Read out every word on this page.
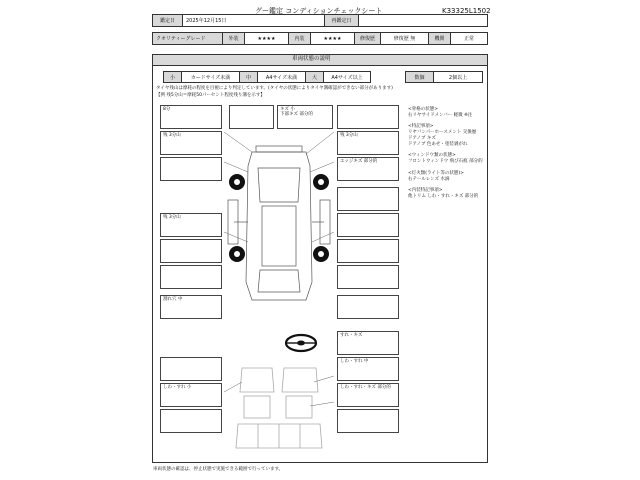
グー鑑定 コンディションチェックシート	K33325L1502
鑑定日	2025年12月15日	再鑑定日
クオリティーグレード	外装	★★★★	内装	★★★★	修復歴	修復歴 無	機関	正常
車両状態の説明
小	カードサイズ未満	中	A4サイズ未満	大	A4サイズ以上	数個	2個以上
タイヤ残山は摩耗の程度を目視により判定しています。(タイヤの状態によりタイヤ溝確認ができない部分があります)
【例 残5分山＝摩耗50パーセント程度残り溝を示す】
8分
残 3分山
残 3分山
割れ穴 中
しわ・すれ 小
キズ 小
下部キズ 部分的
残 3分山
エッジキズ 部分的
すれ・キズ
しわ・すれ 中
しわ・すれ・キズ 部分的
<骨格の状態>
右リヤサイドメンバー 軽微 ※注
<特記事項>
リヤバンパーホースメント 交換歴
ドアノブ キズ
ドアノブ 色あせ・塗装剥がれ
<ウィンドウ類の状態>
フロントウィンドウ 飛び石痕 部分的
<灯火類(ライト等の状態)>
右テールレンズ 水滴
<内装特記事項>
他トリム しわ・すれ・キズ 部分的
車両状態の確認は、停止状態で実施できる範囲で行っています。
